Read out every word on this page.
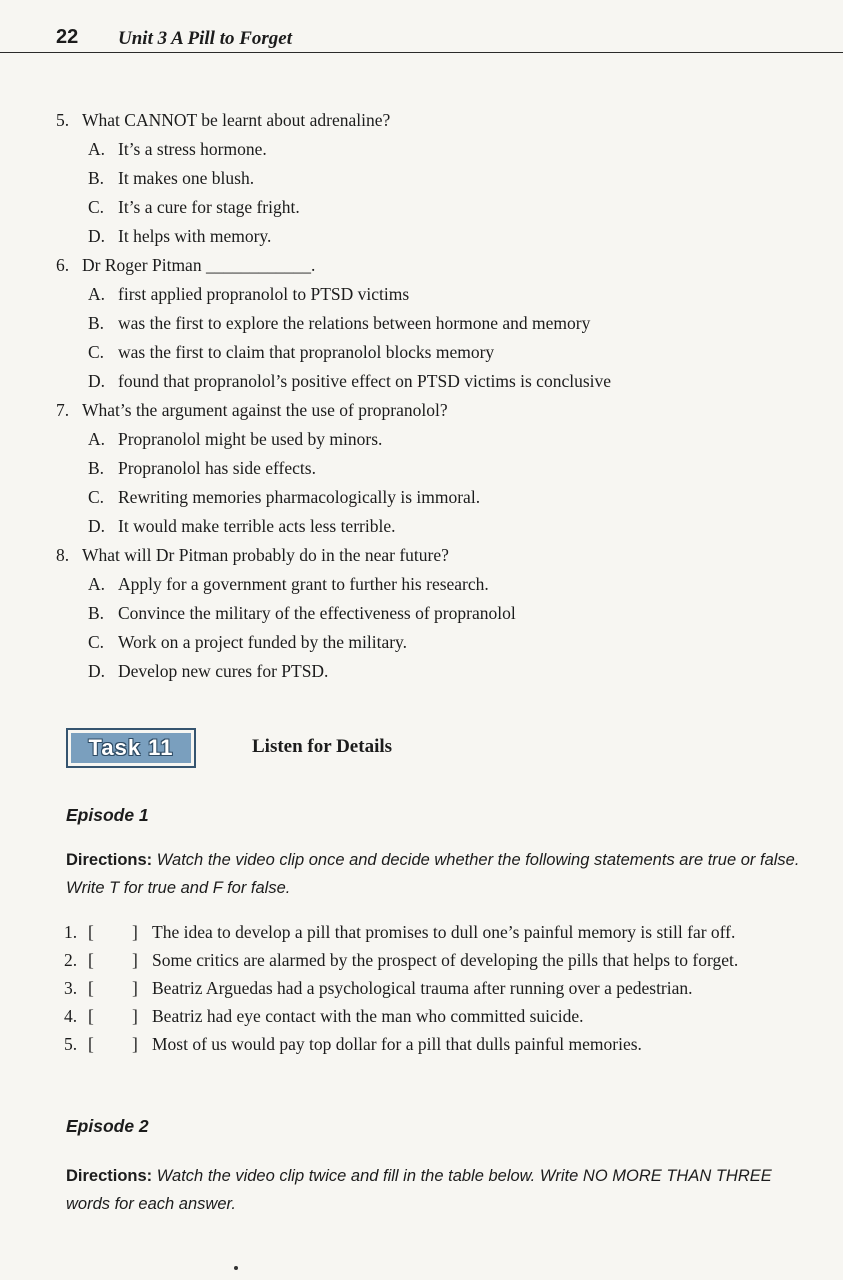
22 Unit 3 A Pill to Forget
5. What CANNOT be learnt about adrenaline?
A. It’s a stress hormone.
B. It makes one blush.
C. It’s a cure for stage fright.
D. It helps with memory.
6. Dr Roger Pitman ____________.
A. first applied propranolol to PTSD victims
B. was the first to explore the relations between hormone and memory
C. was the first to claim that propranolol blocks memory
D. found that propranolol’s positive effect on PTSD victims is conclusive
7. What’s the argument against the use of propranolol?
A. Propranolol might be used by minors.
B. Propranolol has side effects.
C. Rewriting memories pharmacologically is immoral.
D. It would make terrible acts less terrible.
8. What will Dr Pitman probably do in the near future?
A. Apply for a government grant to further his research.
B. Convince the military of the effectiveness of propranolol
C. Work on a project funded by the military.
D. Develop new cures for PTSD.
Task 11	Listen for Details
Episode 1
Directions: Watch the video clip once and decide whether the following statements are true or false. Write T for true and F for false.
1. [ ] The idea to develop a pill that promises to dull one’s painful memory is still far off.
2. [ ] Some critics are alarmed by the prospect of developing the pills that helps to forget.
3. [ ] Beatriz Arguedas had a psychological trauma after running over a pedestrian.
4. [ ] Beatriz had eye contact with the man who committed suicide.
5. [ ] Most of us would pay top dollar for a pill that dulls painful memories.
Episode 2
Directions: Watch the video clip twice and fill in the table below. Write NO MORE THAN THREE words for each answer.
